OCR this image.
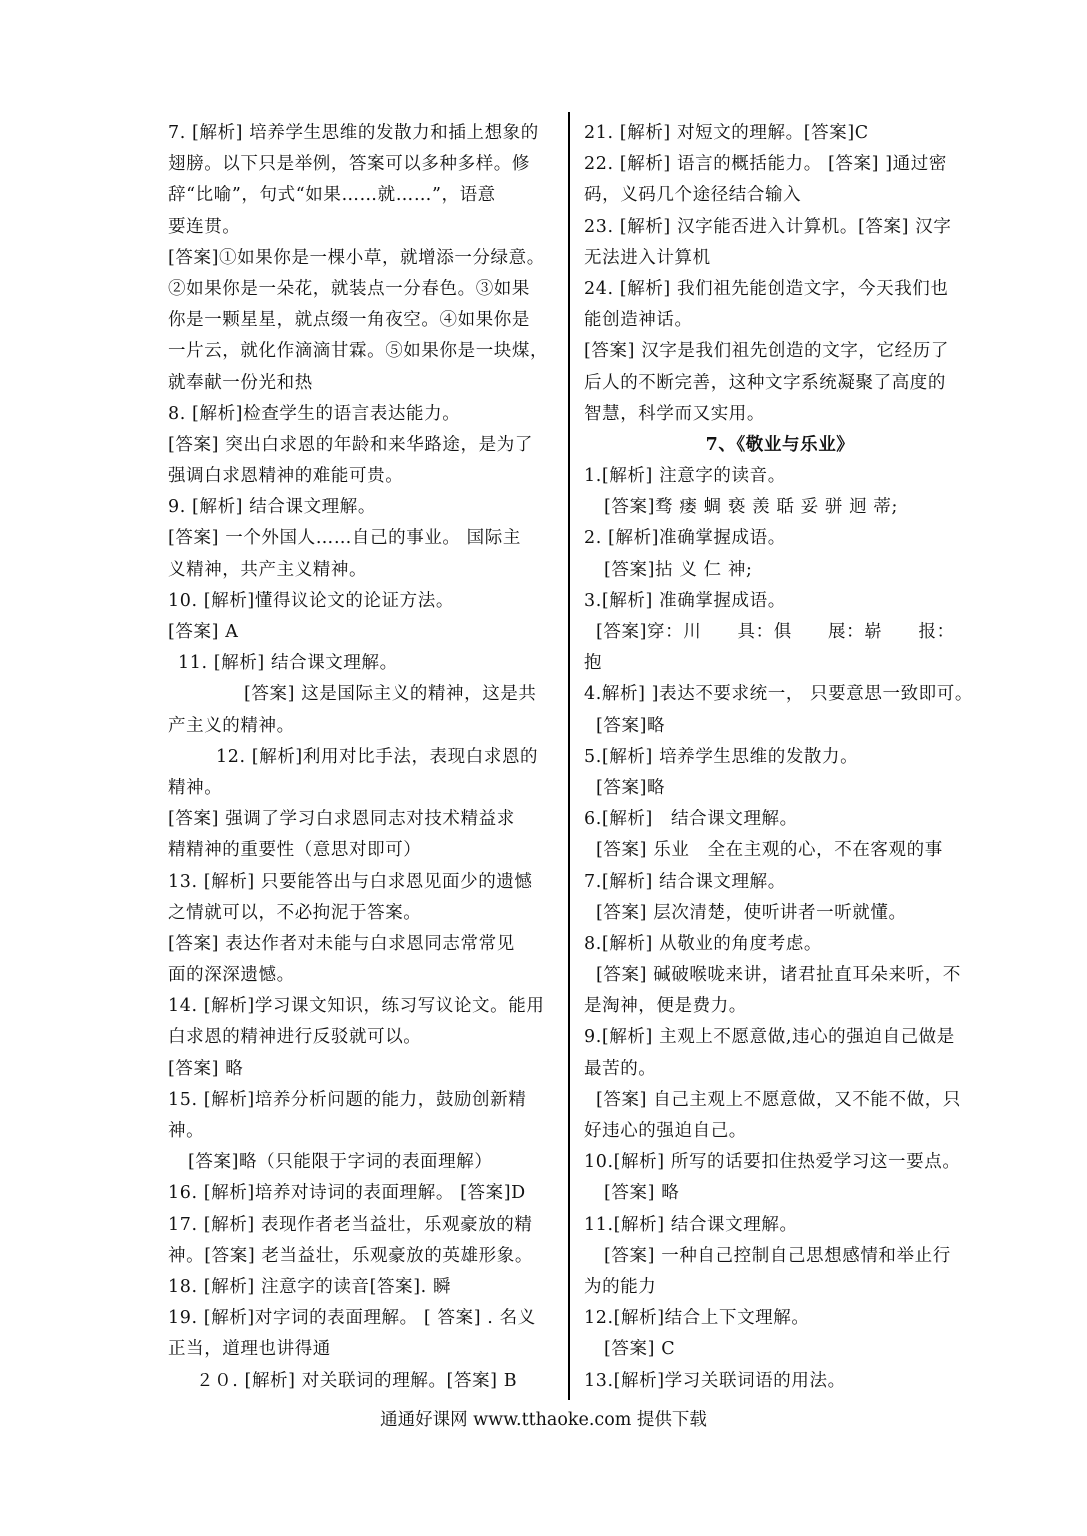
7. [解析] 培养学生思维的发散力和插上想象的
翅膀。以下只是举例，答案可以多种多样。修
辞“比喻”，句式“如果……就……”，语意
要连贯。
[答案]①如果你是一棵小草，就增添一分绿意。
②如果你是一朵花，就装点一分春色。③如果
你是一颗星星，就点缀一角夜空。④如果你是
一片云，就化作滴滴甘霖。⑤如果你是一块煤，
就奉献一份光和热
8. [解析]检查学生的语言表达能力。
[答案] 突出白求恩的年龄和来华路途，是为了
强调白求恩精神的难能可贵。
9. [解析] 结合课文理解。
[答案] 一个外国人……自己的事业。 国际主
义精神，共产主义精神。
10. [解析]懂得议论文的论证方法。
[答案] A
11. [解析] 结合课文理解。
[答案] 这是国际主义的精神，这是共
产主义的精神。
12. [解析]利用对比手法，表现白求恩的
精神。
[答案] 强调了学习白求恩同志对技术精益求
精精神的重要性（意思对即可）
13. [解析] 只要能答出与白求恩见面少的遗憾
之情就可以，不必拘泥于答案。
[答案] 表达作者对未能与白求恩同志常常见
面的深深遗憾。
14. [解析]学习课文知识，练习写议论文。能用
白求恩的精神进行反驳就可以。
[答案] 略
15. [解析]培养分析问题的能力，鼓励创新精
神。
[答案]略（只能限于字词的表面理解）
16. [解析]培养对诗词的表面理解。 [答案]D
17. [解析] 表现作者老当益壮，乐观豪放的精
神。[答案] 老当益壮，乐观豪放的英雄形象。
18. [解析] 注意字的读音[答案]. 瞬
19. [解析]对字词的表面理解。 [ 答案] . 名义
正当，道理也讲得通
２０. [解析] 对关联词的理解。[答案] B
21. [解析] 对短文的理解。[答案]C
22. [解析] 语言的概括能力。 [答案] ]通过密
码，义码几个途径结合输入
23. [解析] 汉字能否进入计算机。[答案] 汉字
无法进入计算机
24. [解析] 我们祖先能创造文字，今天我们也
能创造神话。
[答案] 汉字是我们祖先创造的文字，它经历了
后人的不断完善，这种文字系统凝聚了高度的
智慧，科学而又实用。
7、《敬业与乐业》
1.[解析] 注意字的读音。
[答案]骛 瘘 蜩 亵 羡 聒 妥 骈 迥 蒂;
2. [解析]准确掌握成语。
[答案]拈 义 仁 神;
3.[解析] 准确掌握成语。
[答案]穿：川　　具：俱　　展：崭　　报：
抱
4.解析] ]表达不要求统一， 只要意思一致即可。
[答案]略
5.[解析] 培养学生思维的发散力。
[答案]略
6.[解析]　结合课文理解。
[答案] 乐业　全在主观的心，不在客观的事
7.[解析] 结合课文理解。
[答案] 层次清楚，使听讲者一听就懂。
8.[解析] 从敬业的角度考虑。
[答案] 碱破喉咙来讲，诸君扯直耳朵来听，不
是淘神，便是费力。
9.[解析] 主观上不愿意做,违心的强迫自己做是
最苦的。
[答案] 自己主观上不愿意做，又不能不做，只
好违心的强迫自己。
10.[解析] 所写的话要扣住热爱学习这一要点。
[答案] 略
11.[解析] 结合课文理解。
[答案] 一种自己控制自己思想感情和举止行
为的能力
12.[解析]结合上下文理解。
[答案] C
13.[解析]学习关联词语的用法。
通通好课网 www.tthaoke.com 提供下载
